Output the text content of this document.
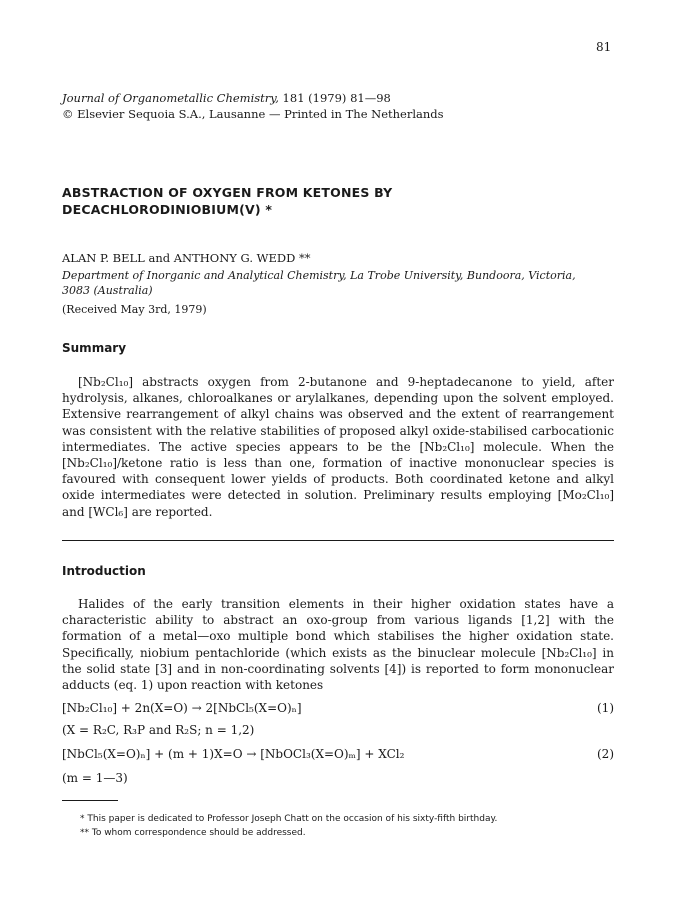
81
Journal of Organometallic Chemistry, 181 (1979) 81—98
© Elsevier Sequoia S.A., Lausanne — Printed in The Netherlands
ABSTRACTION OF OXYGEN FROM KETONES BY
DECACHLORODINIOBIUM(V) *
ALAN P. BELL and ANTHONY G. WEDD **
Department of Inorganic and Analytical Chemistry, La Trobe University, Bundoora, Victoria,
3083 (Australia)
(Received May 3rd, 1979)
Summary
[Nb₂Cl₁₀] abstracts oxygen from 2-butanone and 9-heptadecanone to yield, after hydrolysis, alkanes, chloroalkanes or arylalkanes, depending upon the solvent employed. Extensive rearrangement of alkyl chains was observed and the extent of rearrangement was consistent with the relative stabilities of proposed alkyl oxide-stabilised carbocationic intermediates. The active species appears to be the [Nb₂Cl₁₀] molecule. When the [Nb₂Cl₁₀]/ketone ratio is less than one, formation of inactive mononuclear species is favoured with consequent lower yields of products. Both coordinated ketone and alkyl oxide intermediates were detected in solution. Preliminary results employing [Mo₂Cl₁₀] and [WCl₆] are reported.
Introduction
Halides of the early transition elements in their higher oxidation states have a characteristic ability to abstract an oxo-group from various ligands [1,2] with the formation of a metal—oxo multiple bond which stabilises the higher oxidation state. Specifically, niobium pentachloride (which exists as the binuclear molecule [Nb₂Cl₁₀] in the solid state [3] and in non-coordinating solvents [4]) is reported to form mononuclear adducts (eq. 1) upon reaction with ketones
[Nb₂Cl₁₀] + 2n(X=O) → 2[NbCl₅(X=O)ₙ]	(1)
(X = R₂C, R₃P and R₂S; n = 1,2)
[NbCl₅(X=O)ₙ] + (m + 1)X=O → [NbOCl₃(X=O)ₘ] + XCl₂	(2)
(m = 1—3)
* This paper is dedicated to Professor Joseph Chatt on the occasion of his sixty-fifth birthday.
** To whom correspondence should be addressed.
